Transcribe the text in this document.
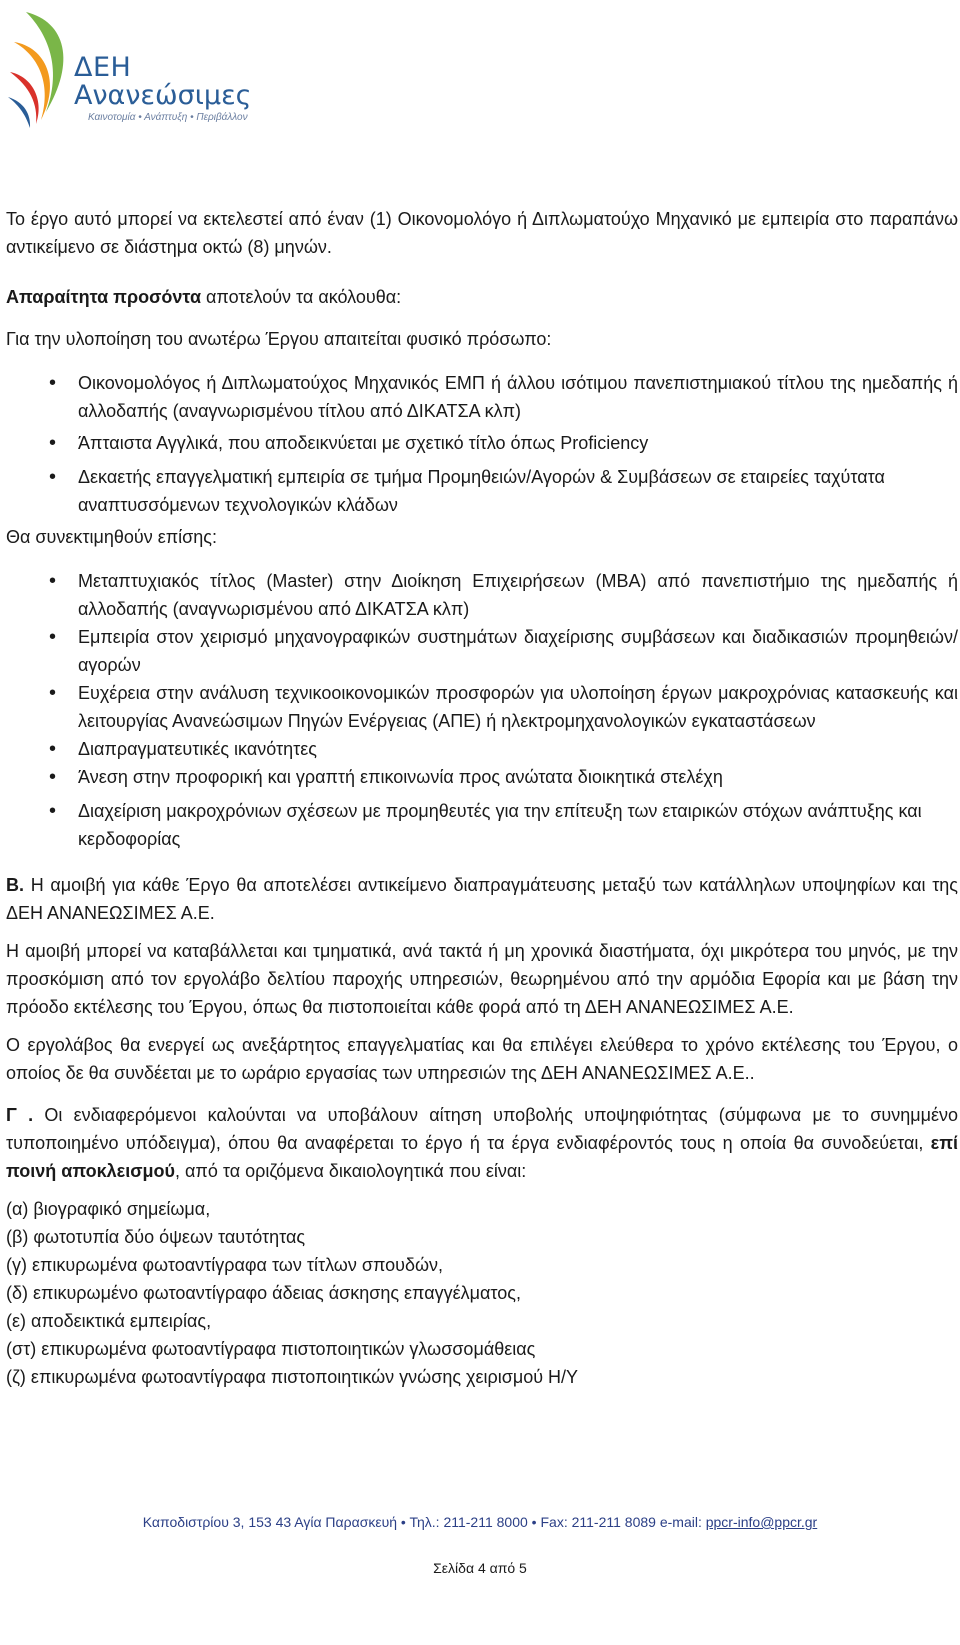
ΔΕΗ
Ανανεώσιμες
Καινοτομία • Ανάπτυξη • Περιβάλλον

Το έργο αυτό μπορεί να εκτελεστεί από έναν (1) Οικονομολόγο ή Διπλωματούχο Μηχανικό με εμπειρία στο παραπάνω αντικείμενο σε διάστημα οκτώ (8) μηνών.

Απαραίτητα προσόντα αποτελούν τα ακόλουθα:

Για την υλοποίηση του ανωτέρω Έργου απαιτείται φυσικό πρόσωπο:

• Οικονομολόγος ή Διπλωματούχος Μηχανικός ΕΜΠ ή άλλου ισότιμου πανεπιστημιακού τίτλου της ημεδαπής ή αλλοδαπής (αναγνωρισμένου τίτλου από ΔΙΚΑΤΣΑ κλπ)
• Άπταιστα Αγγλικά, που αποδεικνύεται με σχετικό τίτλο όπως Proficiency
• Δεκαετής επαγγελματική εμπειρία σε τμήμα Προμηθειών/Αγορών & Συμβάσεων σε εταιρείες ταχύτατα αναπτυσσόμενων τεχνολογικών κλάδων

Θα συνεκτιμηθούν επίσης:

• Μεταπτυχιακός τίτλος (Master) στην Διοίκηση Επιχειρήσεων (MBA) από πανεπιστήμιο της ημεδαπής ή αλλοδαπής (αναγνωρισμένου από ΔΙΚΑΤΣΑ κλπ)
• Εμπειρία στον χειρισμό μηχανογραφικών συστημάτων διαχείρισης συμβάσεων και διαδικασιών προμηθειών/αγορών
• Ευχέρεια στην ανάλυση τεχνικοοικονομικών προσφορών για υλοποίηση έργων μακροχρόνιας κατασκευής και λειτουργίας Ανανεώσιμων Πηγών Ενέργειας (ΑΠΕ) ή ηλεκτρομηχανολογικών εγκαταστάσεων
• Διαπραγματευτικές ικανότητες
• Άνεση στην προφορική και γραπτή επικοινωνία προς ανώτατα διοικητικά στελέχη
• Διαχείριση μακροχρόνιων σχέσεων με προμηθευτές για την επίτευξη των εταιρικών στόχων ανάπτυξης και κερδοφορίας

Β. Η αμοιβή για κάθε Έργο θα αποτελέσει αντικείμενο διαπραγμάτευσης μεταξύ των κατάλληλων υποψηφίων και της ΔΕΗ ΑΝΑΝΕΩΣΙΜΕΣ Α.Ε.

Η αμοιβή μπορεί να καταβάλλεται και τμηματικά, ανά τακτά ή μη χρονικά διαστήματα, όχι μικρότερα του μηνός, με την προσκόμιση από τον εργολάβο δελτίου παροχής υπηρεσιών, θεωρημένου από την αρμόδια Εφορία και με βάση την πρόοδο εκτέλεσης του Έργου, όπως θα πιστοποιείται κάθε φορά από τη ΔΕΗ ΑΝΑΝΕΩΣΙΜΕΣ Α.Ε.

Ο εργολάβος θα ενεργεί ως ανεξάρτητος επαγγελματίας και θα επιλέγει ελεύθερα το χρόνο εκτέλεσης του Έργου, ο οποίος δε θα συνδέεται με το ωράριο εργασίας των υπηρεσιών της ΔΕΗ ΑΝΑΝΕΩΣΙΜΕΣ Α.Ε..

Γ . Οι ενδιαφερόμενοι καλούνται να υποβάλουν αίτηση υποβολής υποψηφιότητας (σύμφωνα με το συνημμένο τυποποιημένο υπόδειγμα), όπου θα αναφέρεται το έργο ή τα έργα ενδιαφέροντός τους η οποία θα συνοδεύεται, επί ποινή αποκλεισμού, από τα οριζόμενα δικαιολογητικά που είναι:

(α) βιογραφικό σημείωμα,

(β) φωτοτυπία δύο όψεων ταυτότητας

(γ) επικυρωμένα φωτοαντίγραφα των τίτλων σπουδών,

(δ) επικυρωμένο φωτοαντίγραφο άδειας άσκησης επαγγέλματος,

(ε) αποδεικτικά εμπειρίας,

(στ) επικυρωμένα φωτοαντίγραφα πιστοποιητικών γλωσσομάθειας

(ζ) επικυρωμένα φωτοαντίγραφα πιστοποιητικών γνώσης χειρισμού Η/Υ

Καποδιστρίου 3, 153 43 Αγία Παρασκευή • Τηλ.: 211-211 8000 • Fax: 211-211 8089 e-mail: ppcr-info@ppcr.gr
Σελίδα 4 από 5
